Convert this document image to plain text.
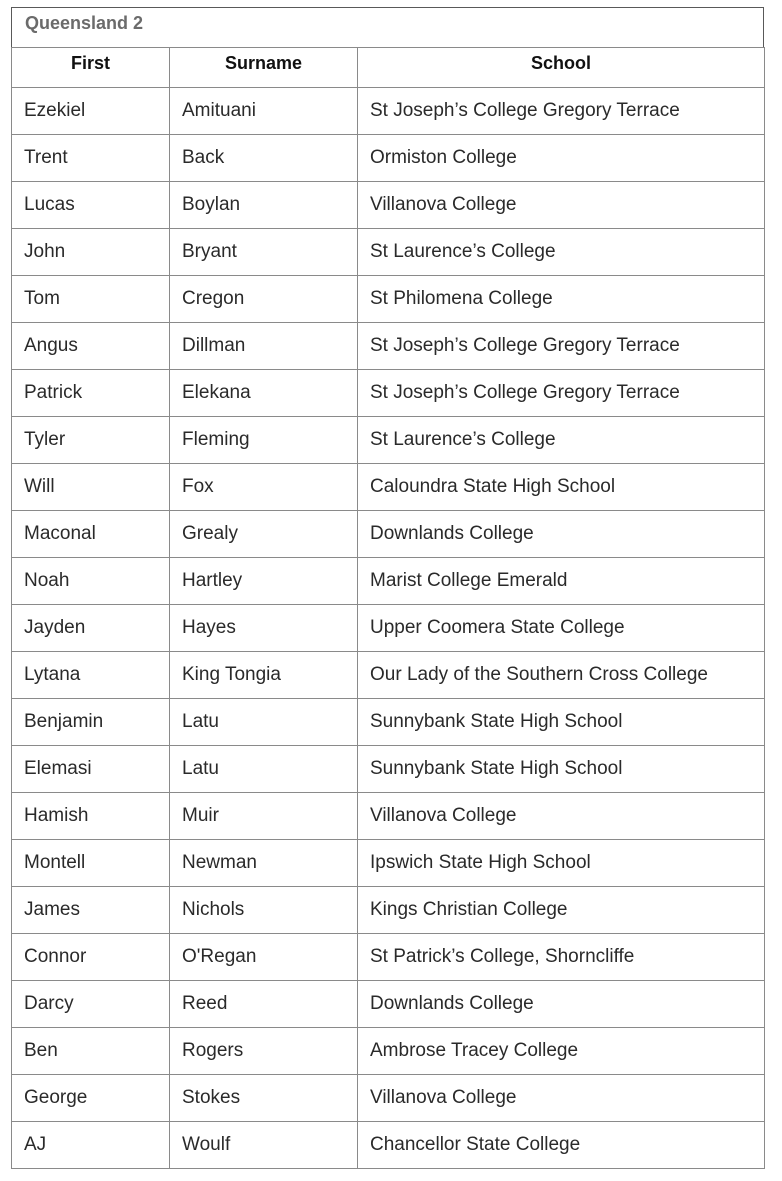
Queensland 2
First	Surname	School
Ezekiel	Amituani	St Joseph’s College Gregory Terrace
Trent	Back	Ormiston College
Lucas	Boylan	Villanova College
John	Bryant	St Laurence’s College
Tom	Cregon	St Philomena College
Angus	Dillman	St Joseph’s College Gregory Terrace
Patrick	Elekana	St Joseph’s College Gregory Terrace
Tyler	Fleming	St Laurence’s College
Will	Fox	Caloundra State High School
Maconal	Grealy	Downlands College
Noah	Hartley	Marist College Emerald
Jayden	Hayes	Upper Coomera State College
Lytana	King Tongia	Our Lady of the Southern Cross College
Benjamin	Latu	Sunnybank State High School
Elemasi	Latu	Sunnybank State High School
Hamish	Muir	Villanova College
Montell	Newman	Ipswich State High School
James	Nichols	Kings Christian College
Connor	O'Regan	St Patrick’s College, Shorncliffe
Darcy	Reed	Downlands College
Ben	Rogers	Ambrose Tracey College
George	Stokes	Villanova College
AJ	Woulf	Chancellor State College
